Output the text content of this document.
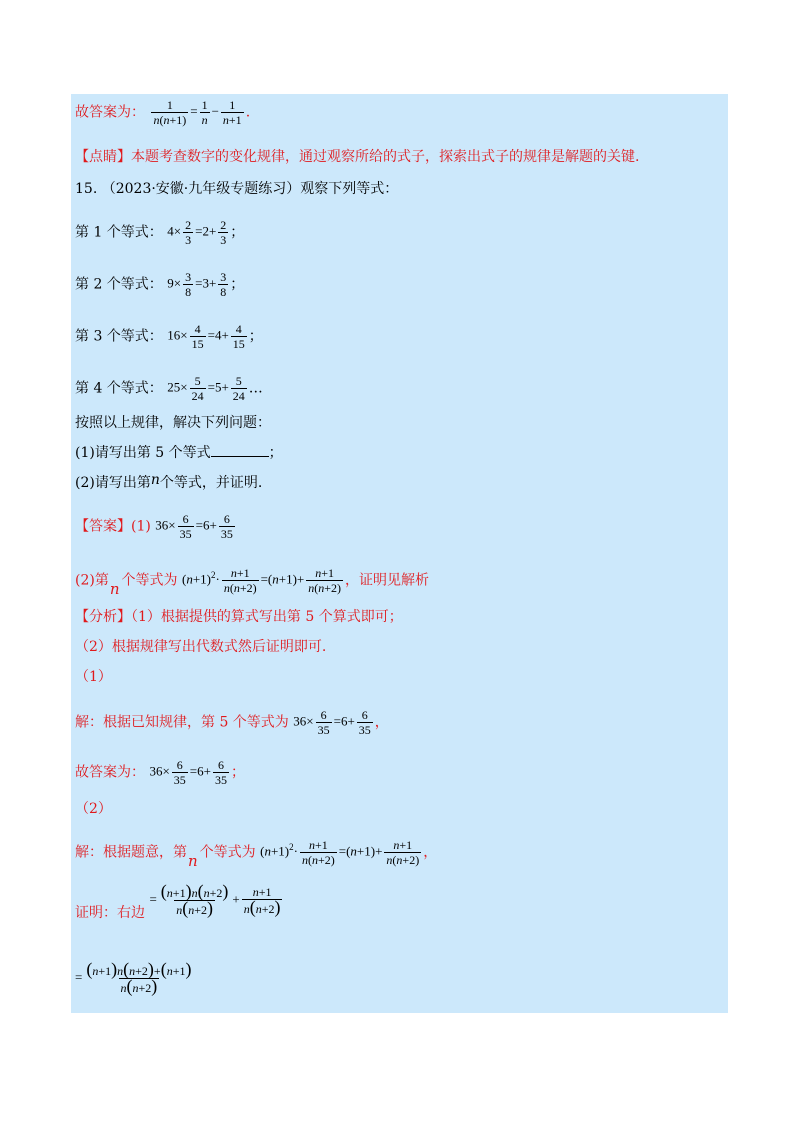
故答案为： $\frac{1}{n(n+1)} = \frac{1}{n} - \frac{1}{n+1}$ .
【点睛】本题考查数字的变化规律，通过观察所给的式子，探索出式子的规律是解题的关键.
15. （2023·安徽·九年级专题练习）观察下列等式：
第 1 个等式： $4\times \frac{2}{3} =2+ \frac{2}{3}$ ；
第 2 个等式： $9\times \frac{3}{8} =3+ \frac{3}{8}$ ；
第 3 个等式： $16\times \frac{4}{15} =4+ \frac{4}{15}$ ；
第 4 个等式： $25\times \frac{5}{24} =5+ \frac{5}{24}$ …
按照以上规律，解决下列问题：
(1)请写出第 5 个等式	；
(2)请写出第n个等式，并证明.
【答案】(1) $36\times \frac{6}{35} =6+ \frac{6}{35}$
(2)第n 个等式为 $(n+1)^2\cdot \frac{n+1}{n(n+2)} =(n+1)+ \frac{n+1}{n(n+2)}$ ，证明见解析
【分析】（1）根据提供的算式写出第 5 个算式即可；
（2）根据规律写出代数式然后证明即可.
（1）
解：根据已知规律，第 5 个等式为 $36\times \frac{6}{35} =6+ \frac{6}{35}$ ，
故答案为： $36\times \frac{6}{35} =6+ \frac{6}{35}$ ；
（2）
解：根据题意，第n 个等式为 $(n+1)^2\cdot \frac{n+1}{n(n+2)} =(n+1)+ \frac{n+1}{n(n+2)}$ ，
证明：右边 = $\frac{(n+1)n(n+2)}{n(n+2)} + \frac{n+1}{n(n+2)}$
= $\frac{(n+1)n(n+2)+(n+1)}{n(n+2)}$
